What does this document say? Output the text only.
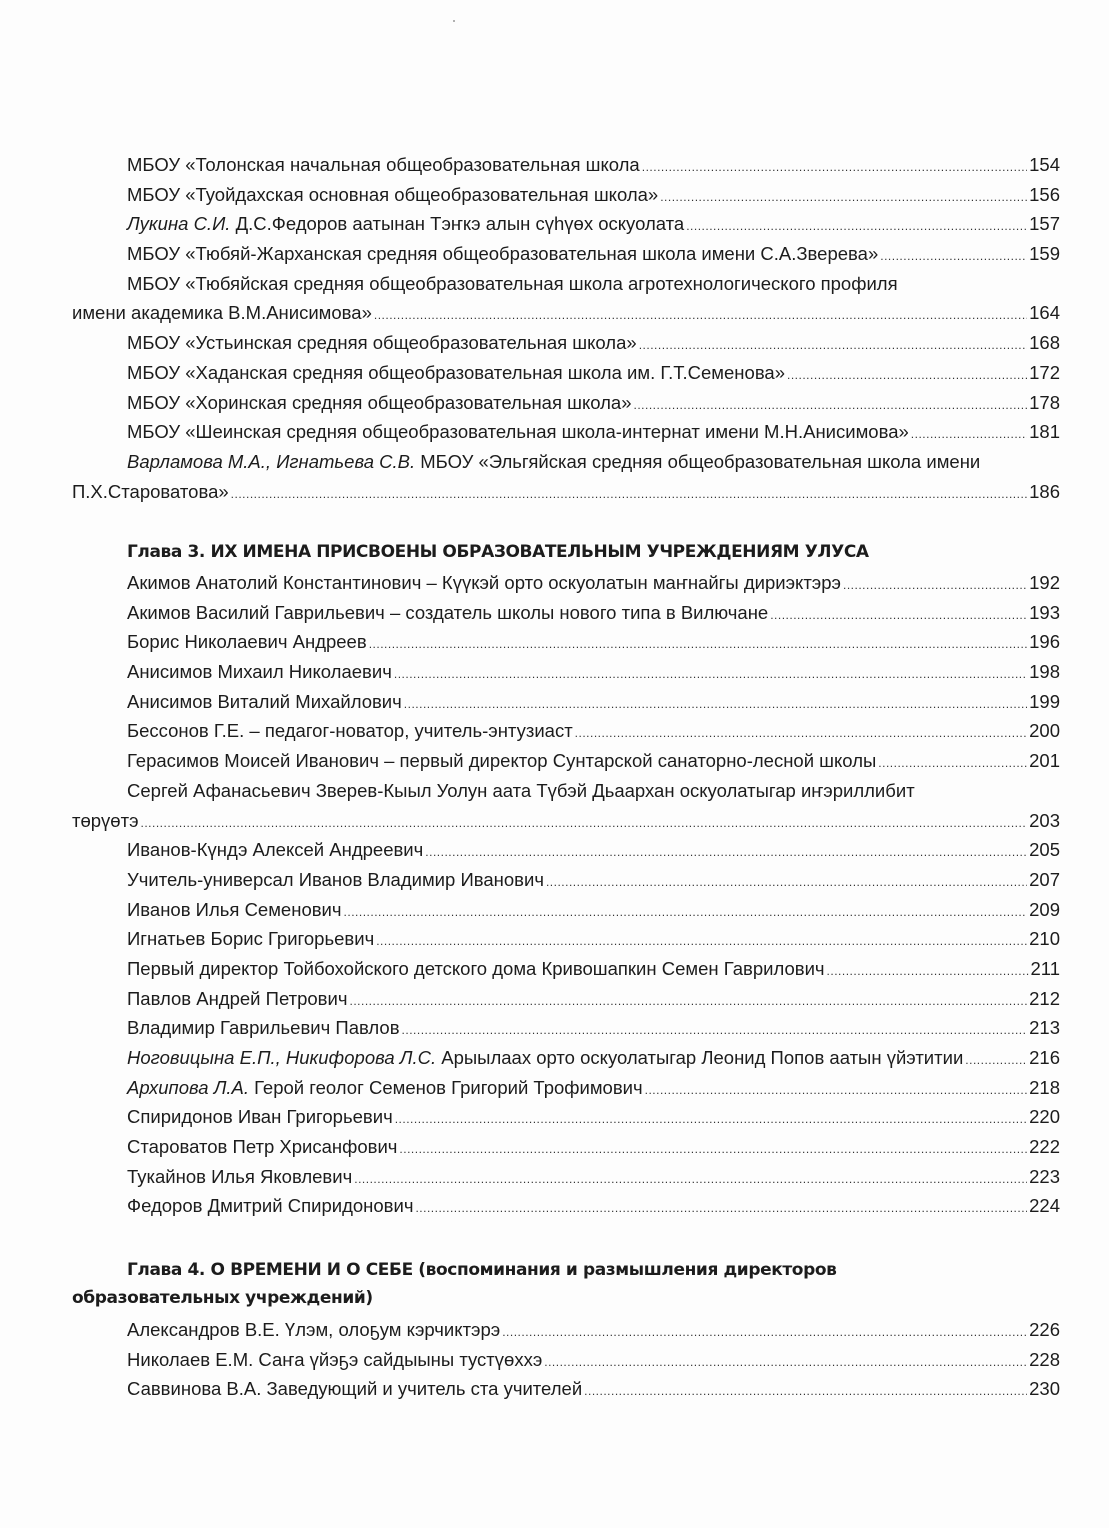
МБОУ «Толонская начальная общеобразовательная школа .....	154
МБОУ «Туойдахская основная общеобразовательная школа» .....	156
Лукина С.И. Д.С.Федоров аатынан Тэҥкэ алын сүһүөх оскуолата .....	157
МБОУ «Тюбяй-Жарханская средняя общеобразовательная школа имени С.А.Зверева» .....	159
МБОУ «Тюбяйская средняя общеобразовательная школа агротехнологического профиля
имени академика В.М.Анисимова» .....	164
МБОУ «Устьинская средняя общеобразовательная школа» .....	168
МБОУ «Хаданская средняя общеобразовательная школа им. Г.Т.Семенова» .....	172
МБОУ «Хоринская средняя общеобразовательная школа» .....	178
МБОУ «Шеинская средняя общеобразовательная школа-интернат имени М.Н.Анисимова» .....	181
Варламова М.А., Игнатьева С.В. МБОУ «Эльгяйская средняя общеобразовательная школа имени
П.Х.Староватова» .....	186
Глава 3. ИХ ИМЕНА ПРИСВОЕНЫ ОБРАЗОВАТЕЛЬНЫМ УЧРЕЖДЕНИЯМ УЛУСА
Акимов Анатолий Константинович – Күүкэй орто оскуолатын маҥнайгы дириэктэрэ .....	192
Акимов Василий Гаврильевич – создатель школы нового типа в Вилючане .....	193
Борис Николаевич Андреев .....	196
Анисимов Михаил Николаевич .....	198
Анисимов Виталий Михайлович .....	199
Бессонов Г.Е. – педагог-новатор, учитель-энтузиаст .....	200
Герасимов Моисей Иванович – первый директор Сунтарской санаторно-лесной школы .....	201
Сергей Афанасьевич Зверев-Кыыл Уолун аата Түбэй Дьаархан оскуолатыгар иҥэриллибит
төрүөтэ .....	203
Иванов-Күндэ Алексей Андреевич .....	205
Учитель-универсал Иванов Владимир Иванович .....	207
Иванов Илья Семенович .....	209
Игнатьев Борис Григорьевич .....	210
Первый директор Тойбохойского детского дома Кривошапкин Семен Гаврилович .....	211
Павлов Андрей Петрович .....	212
Владимир Гаврильевич Павлов .....	213
Ноговицына Е.П., Никифорова Л.С. Арыылаах орто оскуолатыгар Леонид Попов аатын үйэтитии .....	216
Архипова Л.А. Герой геолог Семенов Григорий Трофимович .....	218
Спиридонов Иван Григорьевич .....	220
Староватов Петр Хрисанфович .....	222
Тукайнов Илья Яковлевич .....	223
Федоров Дмитрий Спиридонович .....	224
Глава 4. О ВРЕМЕНИ И О СЕБЕ (воспоминания и размышления директоров
образовательных учреждений)
Александров В.Е. Үлэм, олоҕум кэрчиктэрэ .....	226
Николаев Е.М. Саҥа үйэҕэ сайдыыны тустүөххэ .....	228
Саввинова В.А. Заведующий и учитель ста учителей .....	230
